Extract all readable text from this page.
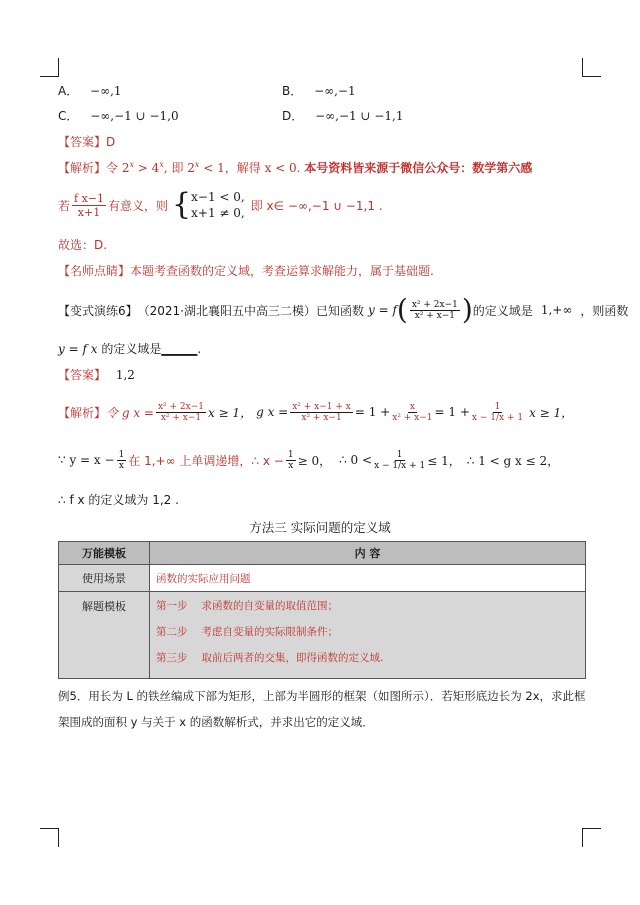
A． −∞,1	B． −∞,−1
C． −∞,−1 ∪ −1,0	D． −∞,−1 ∪ −1,1
【答案】D
【解析】令 $2^x > 4^x$, 即 $2^x < 1$，解得 x < 0. 本号资料皆来源于微信公众号：数学第六感
若 $\frac{\text{f x−1}}{x+1}$ 有意义，则 { x−1 < 0,
x+1 ≠ 0,
即 x∈ −∞,−1 ∪ −1,1 .
故选：D.
【名师点睛】本题考查函数的定义域，考查运算求解能力，属于基础题.
【变式演练6】 （2021·湖北襄阳五中高三二模）已知函数 y = f ( $\frac{\text{x² + 2x−1}}{\text{x² + x−1}}$ ) 的定义域是 1,+∞ ，则函数
y = f x 的定义域是______.
【答案】 1,2
【解析】 令 g $x = \frac{\text{x² + 2x−1}}{\text{x² + x−1}}$ x ≥ 1， g $x = \frac{\text{x² + x−1 + x}}{\text{x² + x−1}} = 1 + \frac{x}{\text{x² + x−1}} = 1 + \frac{1}{x - 1/x + 1}$ x ≥ 1，
∵ $y = x - \frac{1}{x}$ 在 1,+∞ 上单调递增，∴ $x - \frac{1}{x} \ge 0$， ∴ $0 < \frac{1}{x - 1/x + 1} \le 1$， ∴ 1 < g x ≤ 2，
∴ f x 的定义域为 1,2 .
方法三 实际问题的定义域
万能模板	内 容
使用场景	函数的实际应用问题
解题模板	第一步 求函数的自变量的取值范围；
第二步 考虑自变量的实际限制条件；
第三步 取前后两者的交集，即得函数的定义域.
例5．用长为 L 的铁丝编成下部为矩形，上部为半圆形的框架（如图所示）．若矩形底边长为 2x，求此框
架围成的面积 y 与关于 x 的函数解析式，并求出它的定义域．
